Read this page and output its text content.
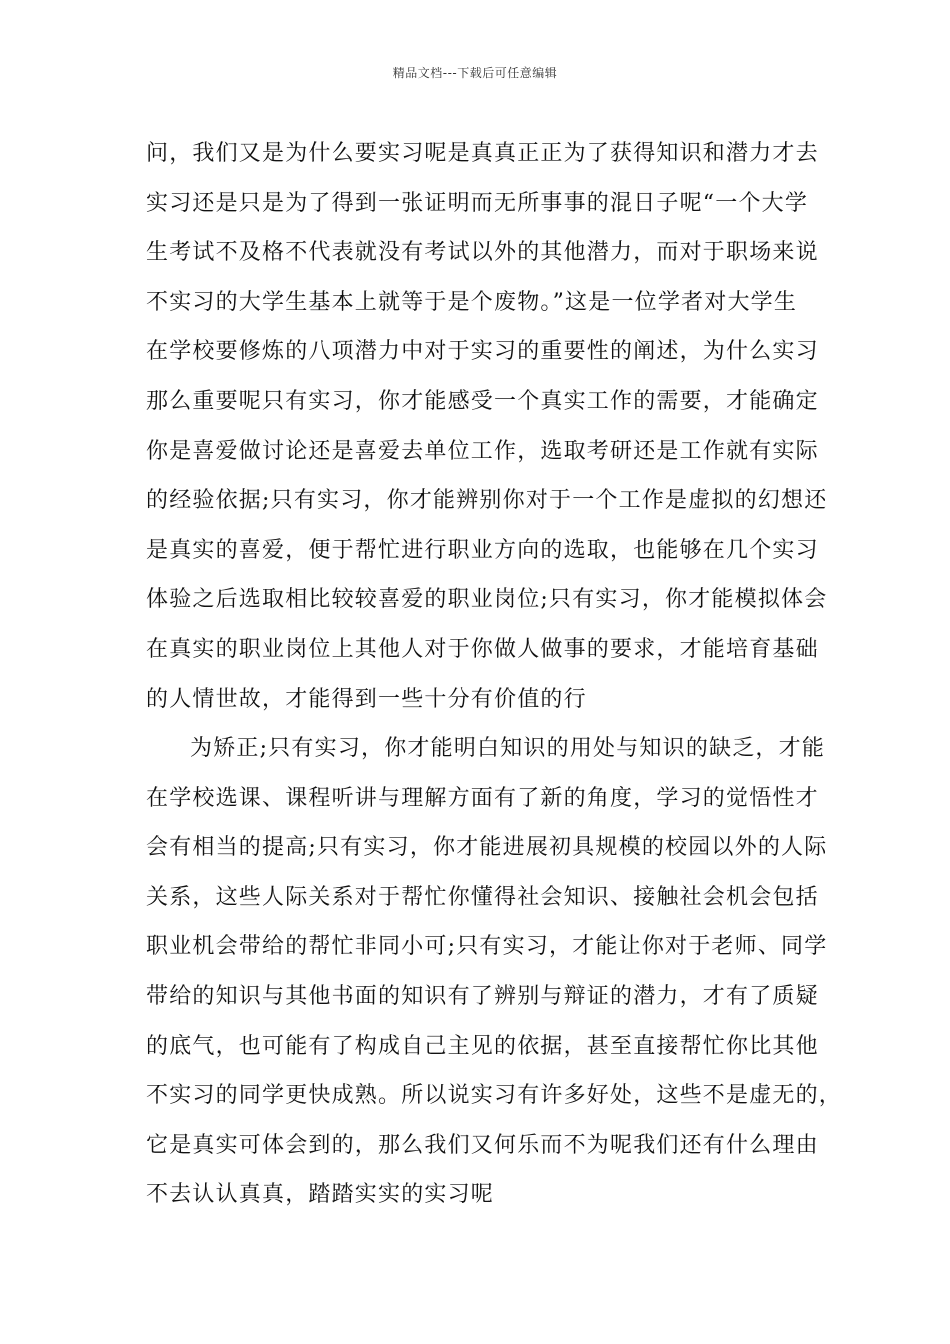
精品文档---下载后可任意编辑
问，我们又是为什么要实习呢是真真正正为了获得知识和潜力才去
实习还是只是为了得到一张证明而无所事事的混日子呢“一个大学
生考试不及格不代表就没有考试以外的其他潜力，而对于职场来说
不实习的大学生基本上就等于是个废物。”这是一位学者对大学生
在学校要修炼的八项潜力中对于实习的重要性的阐述，为什么实习
那么重要呢只有实习，你才能感受一个真实工作的需要，才能确定
你是喜爱做讨论还是喜爱去单位工作，选取考研还是工作就有实际
的经验依据;只有实习，你才能辨别你对于一个工作是虚拟的幻想还
是真实的喜爱，便于帮忙进行职业方向的选取，也能够在几个实习
体验之后选取相比较较喜爱的职业岗位;只有实习，你才能模拟体会
在真实的职业岗位上其他人对于你做人做事的要求，才能培育基础
的人情世故，才能得到一些十分有价值的行
为矫正;只有实习，你才能明白知识的用处与知识的缺乏，才能
在学校选课、课程听讲与理解方面有了新的角度，学习的觉悟性才
会有相当的提高;只有实习，你才能进展初具规模的校园以外的人际
关系，这些人际关系对于帮忙你懂得社会知识、接触社会机会包括
职业机会带给的帮忙非同小可;只有实习，才能让你对于老师、同学
带给的知识与其他书面的知识有了辨别与辩证的潜力，才有了质疑
的底气，也可能有了构成自己主见的依据，甚至直接帮忙你比其他
不实习的同学更快成熟。所以说实习有许多好处，这些不是虚无的，
它是真实可体会到的，那么我们又何乐而不为呢我们还有什么理由
不去认认真真，踏踏实实的实习呢
